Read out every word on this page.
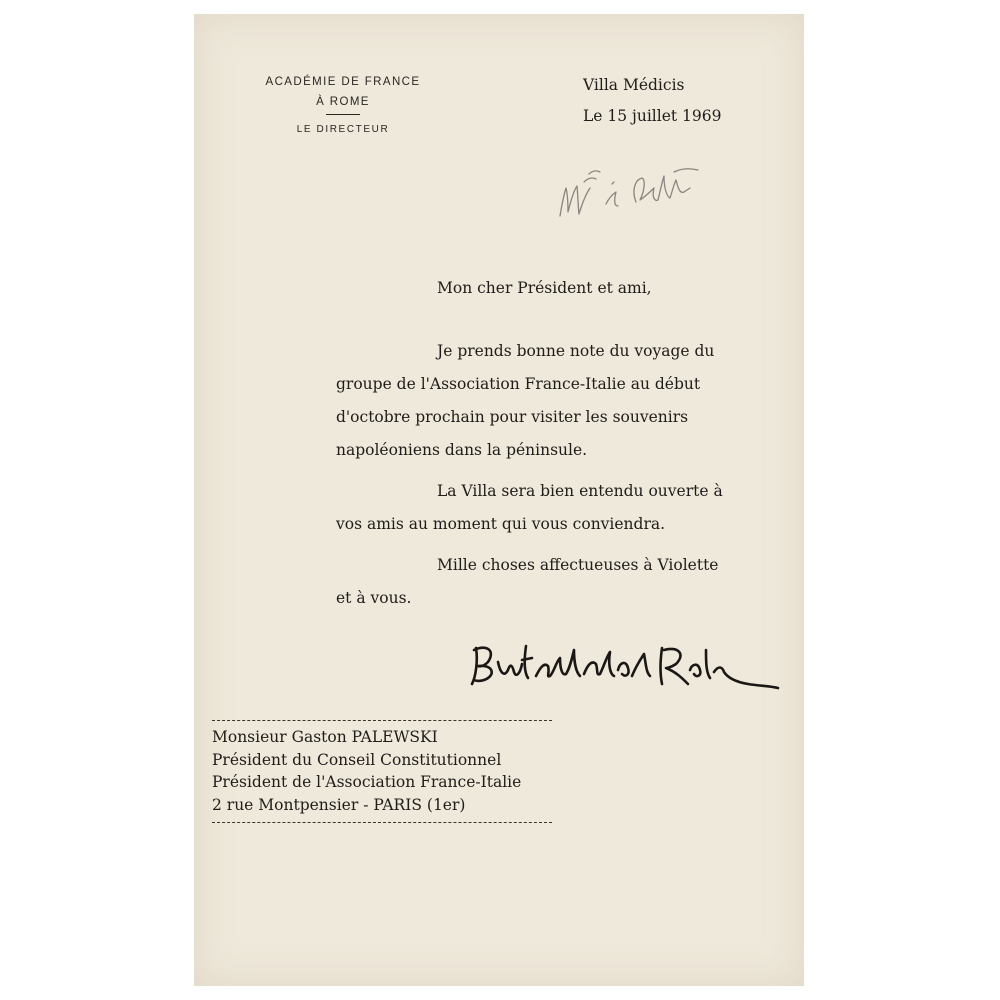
ACADÉMIE DE FRANCE
À ROME
LE DIRECTEUR
Villa Médicis
Le 15 juillet 1969
Mon cher Président et ami,
Je prends bonne note du voyage du
groupe de l'Association France-Italie au début
d'octobre prochain pour visiter les souvenirs
napoléoniens dans la péninsule.
La Villa sera bien entendu ouverte à
vos amis au moment qui vous conviendra.
Mille choses affectueuses à Violette
et à vous.
Monsieur Gaston PALEWSKI
Président du Conseil Constitutionnel
Président de l'Association France-Italie
2 rue Montpensier - PARIS (1er)
